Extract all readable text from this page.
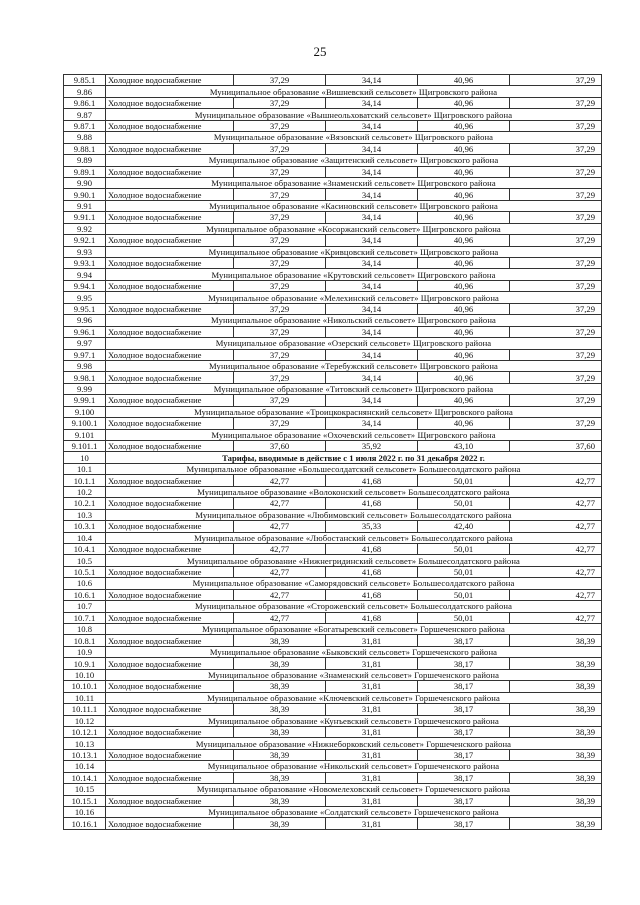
25
9.85.1	Холодное водоснабжение	37,29	34,14	40,96	37,29
9.86	Муниципальное образование «Вишневский сельсовет» Щигровского района				
9.86.1	Холодное водоснабжение	37,29	34,14	40,96	37,29
9.87	Муниципальное образование «Вышнеольховатский сельсовет» Щигровского района				
9.87.1	Холодное водоснабжение	37,29	34,14	40,96	37,29
9.88	Муниципальное образование «Вязовский сельсовет» Щигровского района				
9.88.1	Холодное водоснабжение	37,29	34,14	40,96	37,29
9.89	Муниципальное образование «Защитенский сельсовет» Щигровского района				
9.89.1	Холодное водоснабжение	37,29	34,14	40,96	37,29
9.90	Муниципальное образование «Знаменский сельсовет» Щигровского района				
9.90.1	Холодное водоснабжение	37,29	34,14	40,96	37,29
9.91	Муниципальное образование «Касиновский сельсовет» Щигровского района				
9.91.1	Холодное водоснабжение	37,29	34,14	40,96	37,29
9.92	Муниципальное образование «Косоржанский сельсовет» Щигровского района				
9.92.1	Холодное водоснабжение	37,29	34,14	40,96	37,29
9.93	Муниципальное образование «Кривцовский сельсовет» Щигровского района				
9.93.1	Холодное водоснабжение	37,29	34,14	40,96	37,29
9.94	Муниципальное образование «Крутовский сельсовет» Щигровского района				
9.94.1	Холодное водоснабжение	37,29	34,14	40,96	37,29
9.95	Муниципальное образование «Мелехинский сельсовет» Щигровского района				
9.95.1	Холодное водоснабжение	37,29	34,14	40,96	37,29
9.96	Муниципальное образование «Никольский сельсовет» Щигровского района				
9.96.1	Холодное водоснабжение	37,29	34,14	40,96	37,29
9.97	Муниципальное образование «Озерский сельсовет» Щигровского района				
9.97.1	Холодное водоснабжение	37,29	34,14	40,96	37,29
9.98	Муниципальное образование «Теребужский сельсовет» Щигровского района				
9.98.1	Холодное водоснабжение	37,29	34,14	40,96	37,29
9.99	Муниципальное образование «Титовский сельсовет» Щигровского района				
9.99.1	Холодное водоснабжение	37,29	34,14	40,96	37,29
9.100	Муниципальное образование «Троицкокраснянский сельсовет» Щигровского района				
9.100.1	Холодное водоснабжение	37,29	34,14	40,96	37,29
9.101	Муниципальное образование «Охочевский сельсовет» Щигровского района				
9.101.1	Холодное водоснабжение	37,60	35,92	43,10	37,60
10	Тарифы, вводимые в действие с 1 июля 2022 г. по 31 декабря 2022 г.				
10.1	Муниципальное образование «Большесолдатский сельсовет» Большесолдатского района				
10.1.1	Холодное водоснабжение	42,77	41,68	50,01	42,77
10.2	Муниципальное образование «Волоконский сельсовет» Большесолдатского района				
10.2.1	Холодное водоснабжение	42,77	41,68	50,01	42,77
10.3	Муниципальное образование «Любимовский сельсовет» Большесолдатского района				
10.3.1	Холодное водоснабжение	42,77	35,33	42,40	42,77
10.4	Муниципальное образование «Любостанский сельсовет» Большесолдатского района				
10.4.1	Холодное водоснабжение	42,77	41,68	50,01	42,77
10.5	Муниципальное образование «Нижнегридинский сельсовет» Большесолдатского района				
10.5.1	Холодное водоснабжение	42,77	41,68	50,01	42,77
10.6	Муниципальное образование «Саморядовский сельсовет» Большесолдатского района				
10.6.1	Холодное водоснабжение	42,77	41,68	50,01	42,77
10.7	Муниципальное образование «Сторожевский сельсовет» Большесолдатского района				
10.7.1	Холодное водоснабжение	42,77	41,68	50,01	42,77
10.8	Муниципальное образование «Богатыревский сельсовет» Горшеченского района				
10.8.1	Холодное водоснабжение	38,39	31,81	38,17	38,39
10.9	Муниципальное образование «Быковский сельсовет» Горшеченского района				
10.9.1	Холодное водоснабжение	38,39	31,81	38,17	38,39
10.10	Муниципальное образование «Знаменский сельсовет» Горшеченского района				
10.10.1	Холодное водоснабжение	38,39	31,81	38,17	38,39
10.11	Муниципальное образование «Ключевский сельсовет» Горшеченского района				
10.11.1	Холодное водоснабжение	38,39	31,81	38,17	38,39
10.12	Муниципальное образование «Кунъевский сельсовет» Горшеченского района				
10.12.1	Холодное водоснабжение	38,39	31,81	38,17	38,39
10.13	Муниципальное образование «Нижнеборковский сельсовет» Горшеченского района				
10.13.1	Холодное водоснабжение	38,39	31,81	38,17	38,39
10.14	Муниципальное образование «Никольский сельсовет» Горшеченского района				
10.14.1	Холодное водоснабжение	38,39	31,81	38,17	38,39
10.15	Муниципальное образование «Новомелеховский сельсовет» Горшеченского района				
10.15.1	Холодное водоснабжение	38,39	31,81	38,17	38,39
10.16	Муниципальное образование «Солдатский сельсовет» Горшеченского района				
10.16.1	Холодное водоснабжение	38,39	31,81	38,17	38,39
